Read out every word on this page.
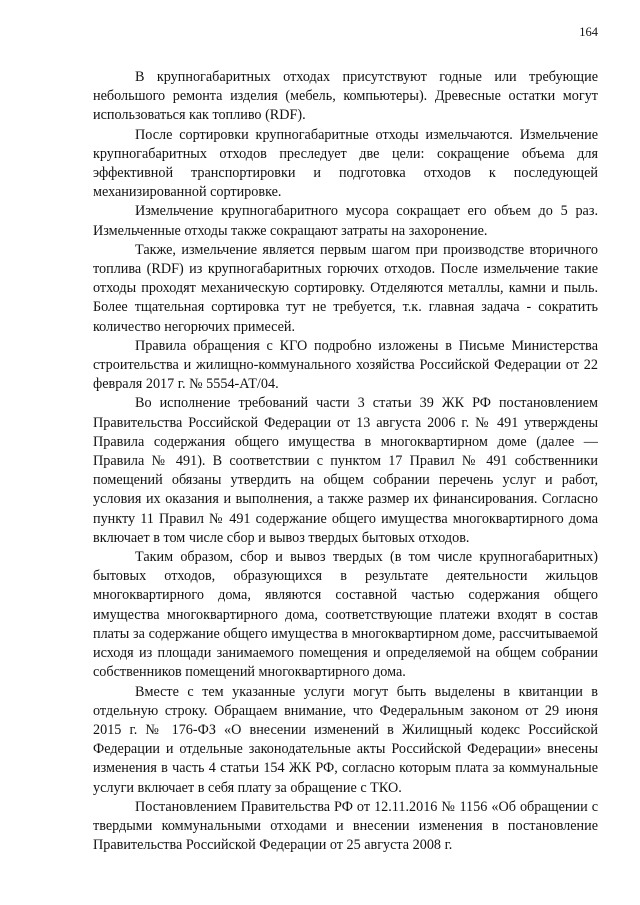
164

В крупногабаритных отходах присутствуют годные или требующие небольшого ремонта изделия (мебель, компьютеры). Древесные остатки могут использоваться как топливо (RDF).

После сортировки крупногабаритные отходы измельчаются. Измельчение крупногабаритных отходов преследует две цели: сокращение объема для эффективной транспортировки и подготовка отходов к последующей механизированной сортировке.

Измельчение крупногабаритного мусора сокращает его объем до 5 раз. Измельченные отходы также сокращают затраты на захоронение.

Также, измельчение является первым шагом при производстве вторичного топлива (RDF) из крупногабаритных горючих отходов. После измельчение такие отходы проходят механическую сортировку. Отделяются металлы, камни и пыль. Более тщательная сортировка тут не требуется, т.к. главная задача - сократить количество негорючих примесей.

Правила обращения с КГО подробно изложены в Письме Министерства строительства и жилищно-коммунального хозяйства Российской Федерации от 22 февраля 2017 г. № 5554-АТ/04.

Во исполнение требований части 3 статьи 39 ЖК РФ постановлением Правительства Российской Федерации от 13 августа 2006 г. № 491 утверждены Правила содержания общего имущества в многоквартирном доме (далее — Правила № 491). В соответствии с пунктом 17 Правил № 491 собственники помещений обязаны утвердить на общем собрании перечень услуг и работ, условия их оказания и выполнения, а также размер их финансирования. Согласно пункту 11 Правил № 491 содержание общего имущества многоквартирного дома включает в том числе сбор и вывоз твердых бытовых отходов.

Таким образом, сбор и вывоз твердых (в том числе крупногабаритных) бытовых отходов, образующихся в результате деятельности жильцов многоквартирного дома, являются составной частью содержания общего имущества многоквартирного дома, соответствующие платежи входят в состав платы за содержание общего имущества в многоквартирном доме, рассчитываемой исходя из площади занимаемого помещения и определяемой на общем собрании собственников помещений многоквартирного дома.

Вместе с тем указанные услуги могут быть выделены в квитанции в отдельную строку. Обращаем внимание, что Федеральным законом от 29 июня 2015 г. № 176-ФЗ «О внесении изменений в Жилищный кодекс Российской Федерации и отдельные законодательные акты Российской Федерации» внесены изменения в часть 4 статьи 154 ЖК РФ, согласно которым плата за коммунальные услуги включает в себя плату за обращение с ТКО.

Постановлением Правительства РФ от 12.11.2016 № 1156 «Об обращении с твердыми коммунальными отходами и внесении изменения в постановление Правительства Российской Федерации от 25 августа 2008 г.
